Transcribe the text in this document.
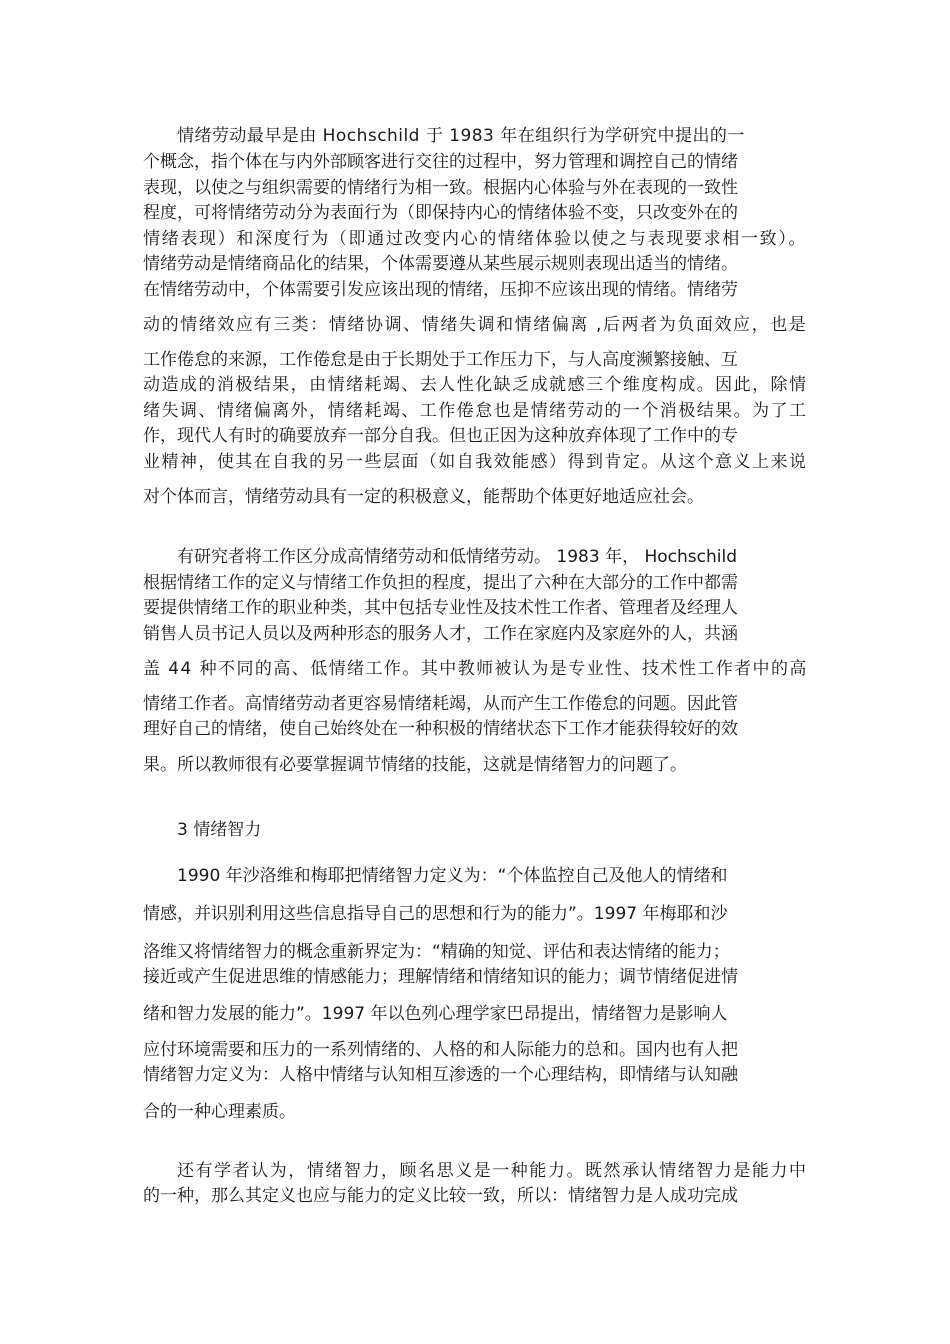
情绪劳动最早是由 Hochschild 于 1983 年在组织行为学研究中提出的一
个概念，指个体在与内外部顾客进行交往的过程中，努力管理和调控自己的情绪
表现，以使之与组织需要的情绪行为相一致。根据内心体验与外在表现的一致性
程度，可将情绪劳动分为表面行为（即保持内心的情绪体验不变，只改变外在的
情绪表现）和深度行为（即通过改变内心的情绪体验以使之与表现要求相一致）。
情绪劳动是情绪商品化的结果，个体需要遵从某些展示规则表现出适当的情绪。
在情绪劳动中，个体需要引发应该出现的情绪，压抑不应该出现的情绪。情绪劳
动的情绪效应有三类：情绪协调、情绪失调和情绪偏离 ,后两者为负面效应，也是
工作倦怠的来源，工作倦怠是由于长期处于工作压力下，与人高度濒繁接触、互
动造成的消极结果，由情绪耗竭、去人性化缺乏成就感三个维度构成。因此，除情
绪失调、情绪偏离外，情绪耗竭、工作倦怠也是情绪劳动的一个消极结果。为了工
作，现代人有时的确要放弃一部分自我。但也正因为这种放弃体现了工作中的专
业精神，使其在自我的另一些层面（如自我效能感）得到肯定。从这个意义上来说
对个体而言，情绪劳动具有一定的积极意义，能帮助个体更好地适应社会。
有研究者将工作区分成高情绪劳动和低情绪劳动。 1983 年， Hochschild
根据情绪工作的定义与情绪工作负担的程度，提出了六种在大部分的工作中都需
要提供情绪工作的职业种类，其中包括专业性及技术性工作者、管理者及经理人
销售人员书记人员以及两种形态的服务人才，工作在家庭内及家庭外的人，共涵
盖 44 种不同的高、低情绪工作。其中教师被认为是专业性、技术性工作者中的高
情绪工作者。高情绪劳动者更容易情绪耗竭，从而产生工作倦怠的问题。因此管
理好自己的情绪，使自己始终处在一种积极的情绪状态下工作才能获得较好的效
果。所以教师很有必要掌握调节情绪的技能，这就是情绪智力的问题了。
3 情绪智力
1990 年沙洛维和梅耶把情绪智力定义为：“个体监控自己及他人的情绪和
情感，并识别利用这些信息指导自己的思想和行为的能力”。1997 年梅耶和沙
洛维又将情绪智力的概念重新界定为：“精确的知觉、评估和表达情绪的能力；
接近或产生促进思维的情感能力；理解情绪和情绪知识的能力；调节情绪促进情
绪和智力发展的能力”。1997 年以色列心理学家巴昂提出，情绪智力是影响人
应付环境需要和压力的一系列情绪的、人格的和人际能力的总和。国内也有人把
情绪智力定义为：人格中情绪与认知相互渗透的一个心理结构，即情绪与认知融
合的一种心理素质。
还有学者认为，情绪智力，顾名思义是一种能力。既然承认情绪智力是能力中
的一种，那么其定义也应与能力的定义比较一致，所以：情绪智力是人成功完成
